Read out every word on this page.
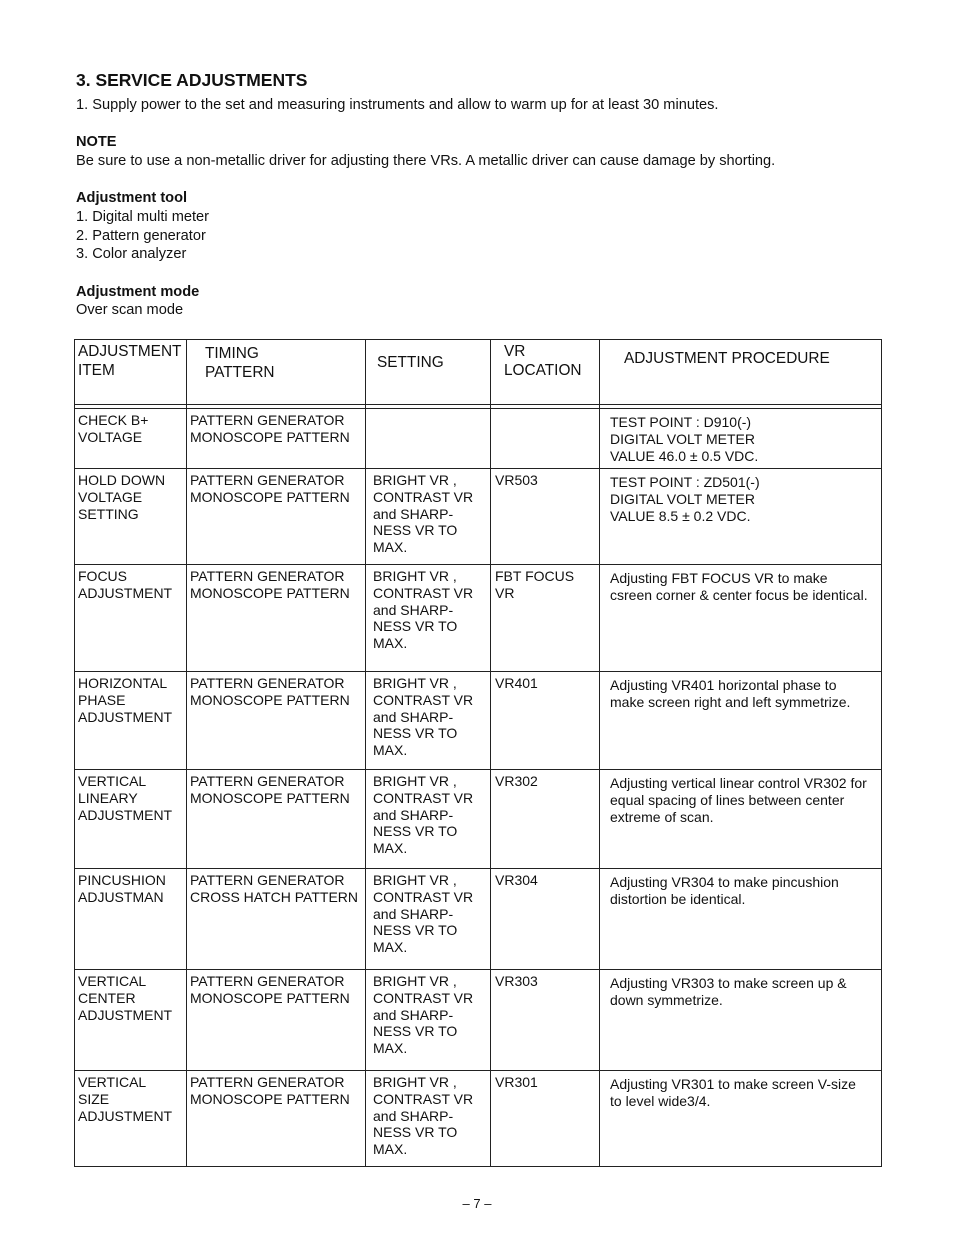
3. SERVICE ADJUSTMENTS
1. Supply power to the set and measuring instruments and allow to warm up for at least 30 minutes.
NOTE
Be sure to use a non-metallic driver for adjusting there VRs. A metallic driver can cause damage by shorting.
Adjustment tool
1. Digital multi meter
2. Pattern generator
3. Color analyzer
Adjustment mode
Over scan mode
ADJUSTMENT
ITEM	TIMING
PATTERN	SETTING	VR
LOCATION	ADJUSTMENT PROCEDURE

CHECK B+
VOLTAGE	PATTERN GENERATOR
MONOSCOPE PATTERN			TEST POINT : D910(-)
DIGITAL VOLT METER
VALUE 46.0 ± 0.5 VDC.

HOLD DOWN
VOLTAGE
SETTING	PATTERN GENERATOR
MONOSCOPE PATTERN	BRIGHT VR ,
CONTRAST VR
and SHARP-
NESS VR TO
MAX.	VR503	TEST POINT : ZD501(-)
DIGITAL VOLT METER
VALUE 8.5 ± 0.2 VDC.

FOCUS
ADJUSTMENT	PATTERN GENERATOR
MONOSCOPE PATTERN	BRIGHT VR ,
CONTRAST VR
and SHARP-
NESS VR TO
MAX.	FBT FOCUS
VR	Adjusting FBT FOCUS VR to make
csreen corner & center focus be identical.

HORIZONTAL
PHASE
ADJUSTMENT	PATTERN GENERATOR
MONOSCOPE PATTERN	BRIGHT VR ,
CONTRAST VR
and SHARP-
NESS VR TO
MAX.	VR401	Adjusting VR401 horizontal phase to
make screen right and left symmetrize.

VERTICAL
LINEARY
ADJUSTMENT	PATTERN GENERATOR
MONOSCOPE PATTERN	BRIGHT VR ,
CONTRAST VR
and SHARP-
NESS VR TO
MAX.	VR302	Adjusting vertical linear control VR302 for
equal spacing of lines between center
extreme of scan.

PINCUSHION
ADJUSTMAN	PATTERN GENERATOR
CROSS HATCH PATTERN	BRIGHT VR ,
CONTRAST VR
and SHARP-
NESS VR TO
MAX.	VR304	Adjusting VR304 to make pincushion
distortion be identical.

VERTICAL
CENTER
ADJUSTMENT	PATTERN GENERATOR
MONOSCOPE PATTERN	BRIGHT VR ,
CONTRAST VR
and SHARP-
NESS VR TO
MAX.	VR303	Adjusting VR303 to make screen up &
down symmetrize.

VERTICAL
SIZE
ADJUSTMENT	PATTERN GENERATOR
MONOSCOPE PATTERN	BRIGHT VR ,
CONTRAST VR
and SHARP-
NESS VR TO
MAX.	VR301	Adjusting VR301 to make screen V-size
to level wide3/4.
– 7 –
